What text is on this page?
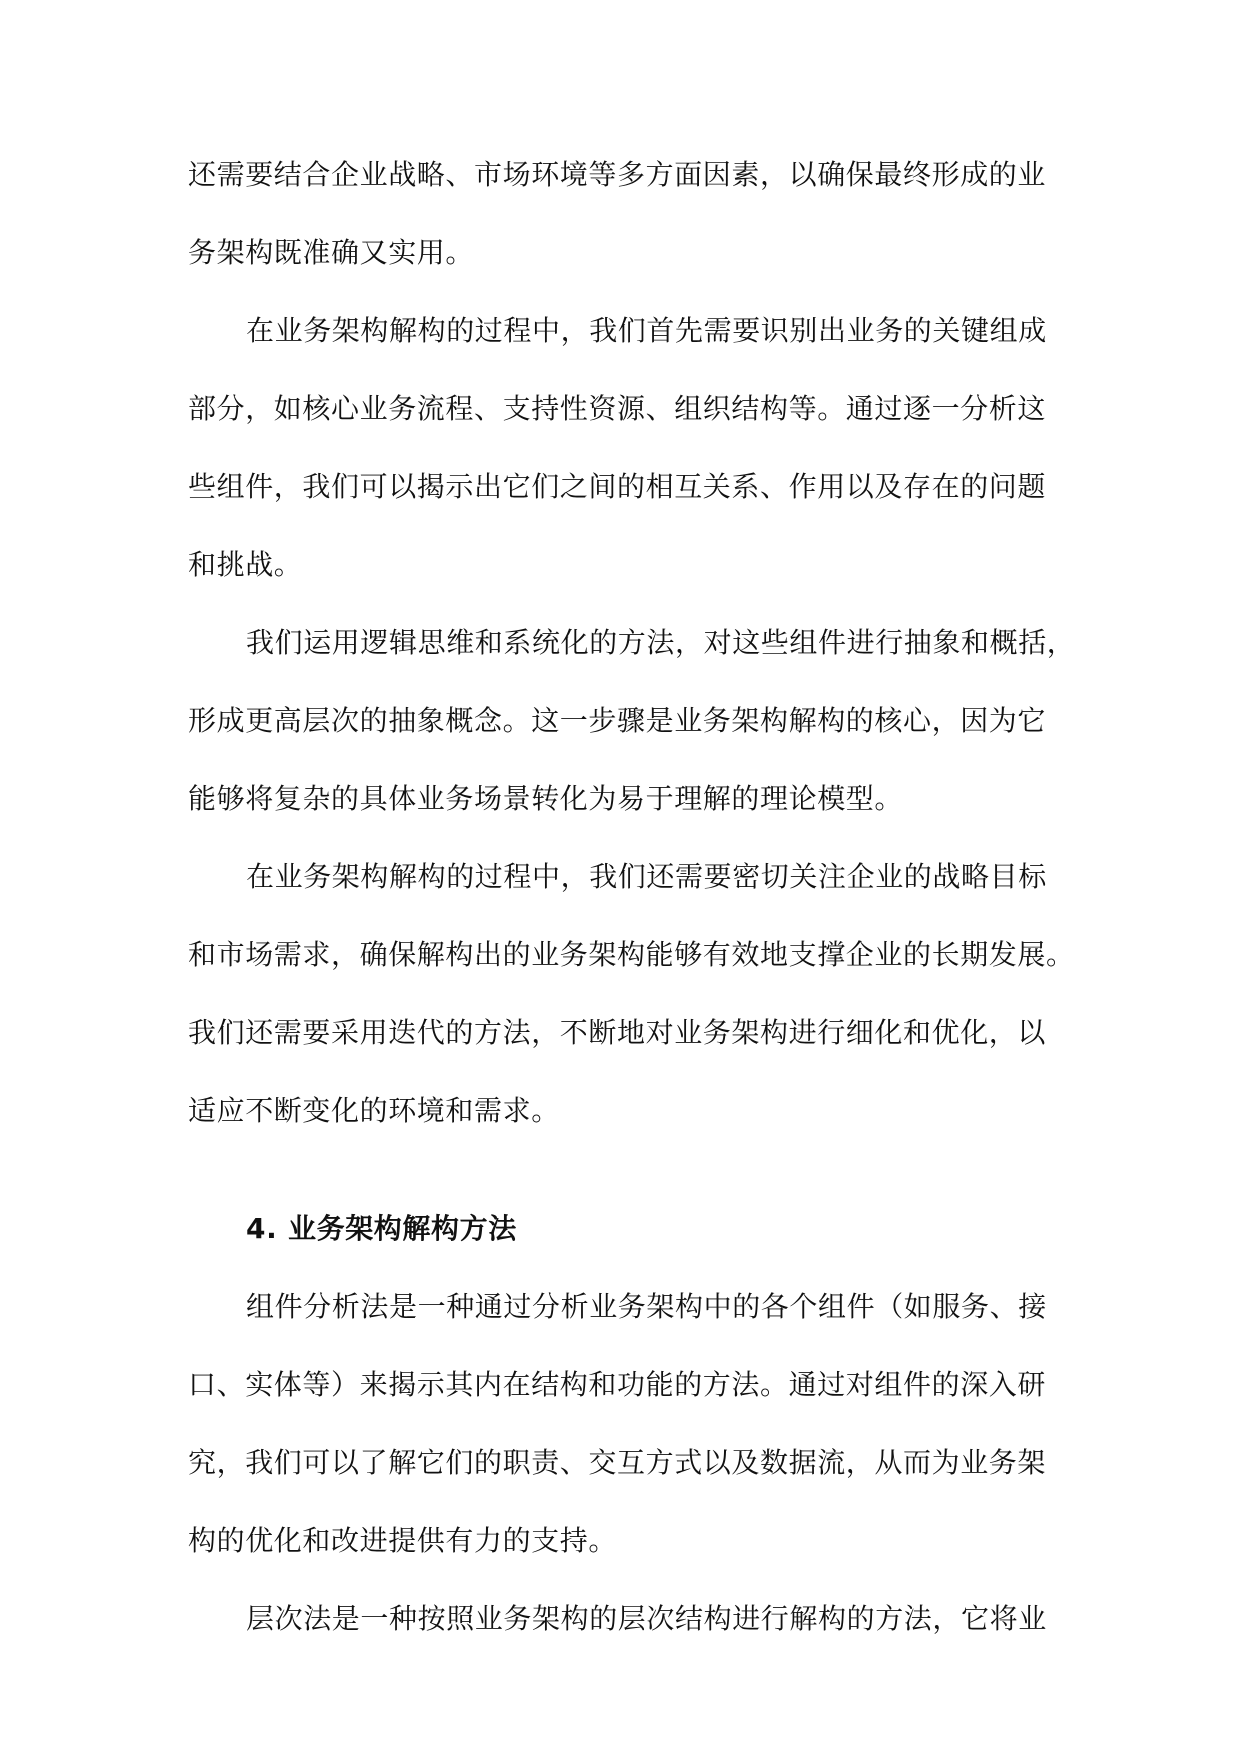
还需要结合企业战略、市场环境等多方面因素，以确保最终形成的业
务架构既准确又实用。
在业务架构解构的过程中，我们首先需要识别出业务的关键组成
部分，如核心业务流程、支持性资源、组织结构等。通过逐一分析这
些组件，我们可以揭示出它们之间的相互关系、作用以及存在的问题
和挑战。
我们运用逻辑思维和系统化的方法，对这些组件进行抽象和概括，
形成更高层次的抽象概念。这一步骤是业务架构解构的核心，因为它
能够将复杂的具体业务场景转化为易于理解的理论模型。
在业务架构解构的过程中，我们还需要密切关注企业的战略目标
和市场需求，确保解构出的业务架构能够有效地支撑企业的长期发展。
我们还需要采用迭代的方法，不断地对业务架构进行细化和优化，以
适应不断变化的环境和需求。
4. 业务架构解构方法
组件分析法是一种通过分析业务架构中的各个组件（如服务、接
口、实体等）来揭示其内在结构和功能的方法。通过对组件的深入研
究，我们可以了解它们的职责、交互方式以及数据流，从而为业务架
构的优化和改进提供有力的支持。
层次法是一种按照业务架构的层次结构进行解构的方法，它将业
